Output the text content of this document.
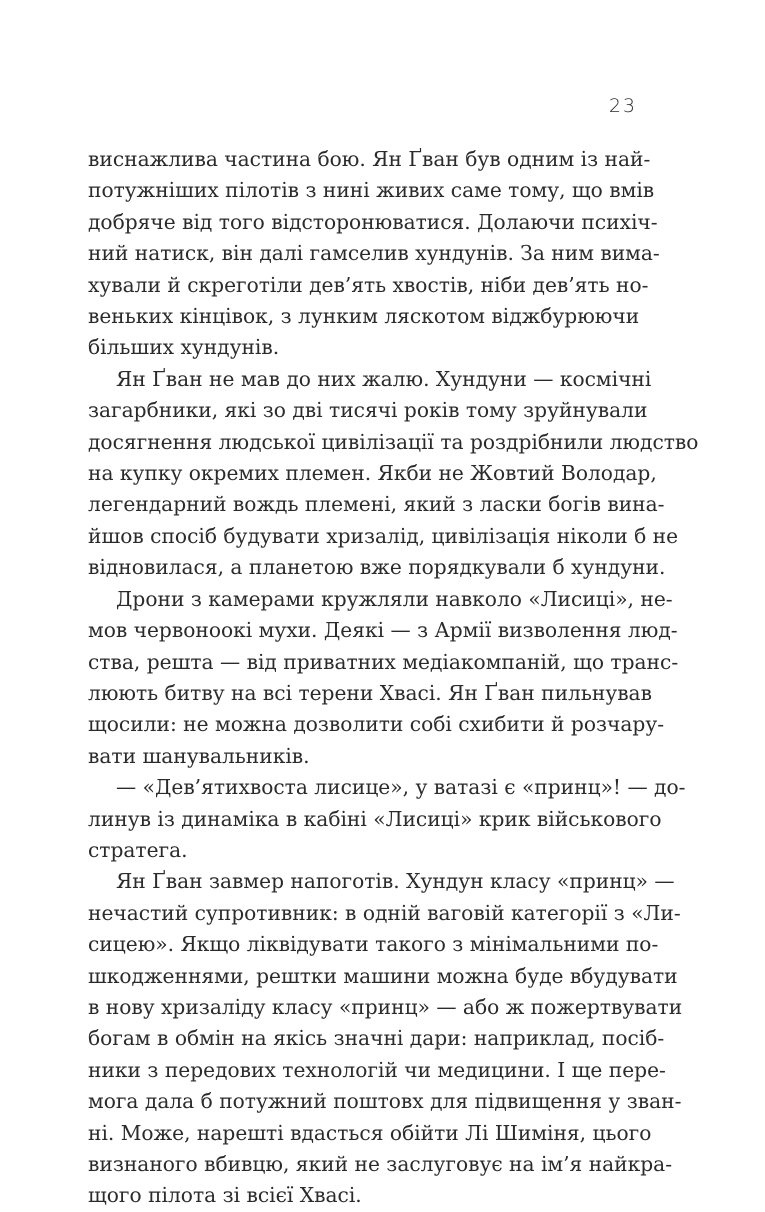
23
виснажлива частина бою. Ян Ґван був одним із най-
потужніших пілотів з нині живих саме тому, що вмів
добряче від того відсторонюватися. Долаючи психіч-
ний натиск, він далі гамселив хундунів. За ним вима-
хували й скреготіли дев’ять хвостів, ніби дев’ять но-
веньких кінцівок, з лунким ляскотом віджбурюючи
більших хундунів.
Ян Ґван не мав до них жалю. Хундуни — космічні
загарбники, які зо дві тисячі років тому зруйнували
досягнення людської цивілізації та роздрібнили людство
на купку окремих племен. Якби не Жовтий Володар,
легендарний вождь племені, який з ласки богів вина-
йшов спосіб будувати хризалід, цивілізація ніколи б не
відновилася, а планетою вже порядкували б хундуни.
Дрони з камерами кружляли навколо «Лисиці», не-
мов червоноокі мухи. Деякі — з Армії визволення люд-
ства, решта — від приватних медіакомпаній, що транс-
люють битву на всі терени Хвасі. Ян Ґван пильнував
щосили: не можна дозволити собі схибити й розчару-
вати шанувальників.
— «Дев’ятихвоста лисице», у ватазі є «принц»! — до-
линув із динаміка в кабіні «Лисиці» крик військового
стратега.
Ян Ґван завмер напоготів. Хундун класу «принц» —
нечастий супротивник: в одній ваговій категорії з «Ли-
сицею». Якщо ліквідувати такого з мінімальними по-
шкодженнями, рештки машини можна буде вбудувати
в нову хризаліду класу «принц» — або ж пожертвувати
богам в обмін на якісь значні дари: наприклад, посіб-
ники з передових технологій чи медицини. І ще пере-
мога дала б потужний поштовх для підвищення у зван-
ні. Може, нарешті вдасться обійти Лі Шиміня, цього
визнаного вбивцю, який не заслуговує на ім’я найкра-
щого пілота зі всієї Хвасі.
